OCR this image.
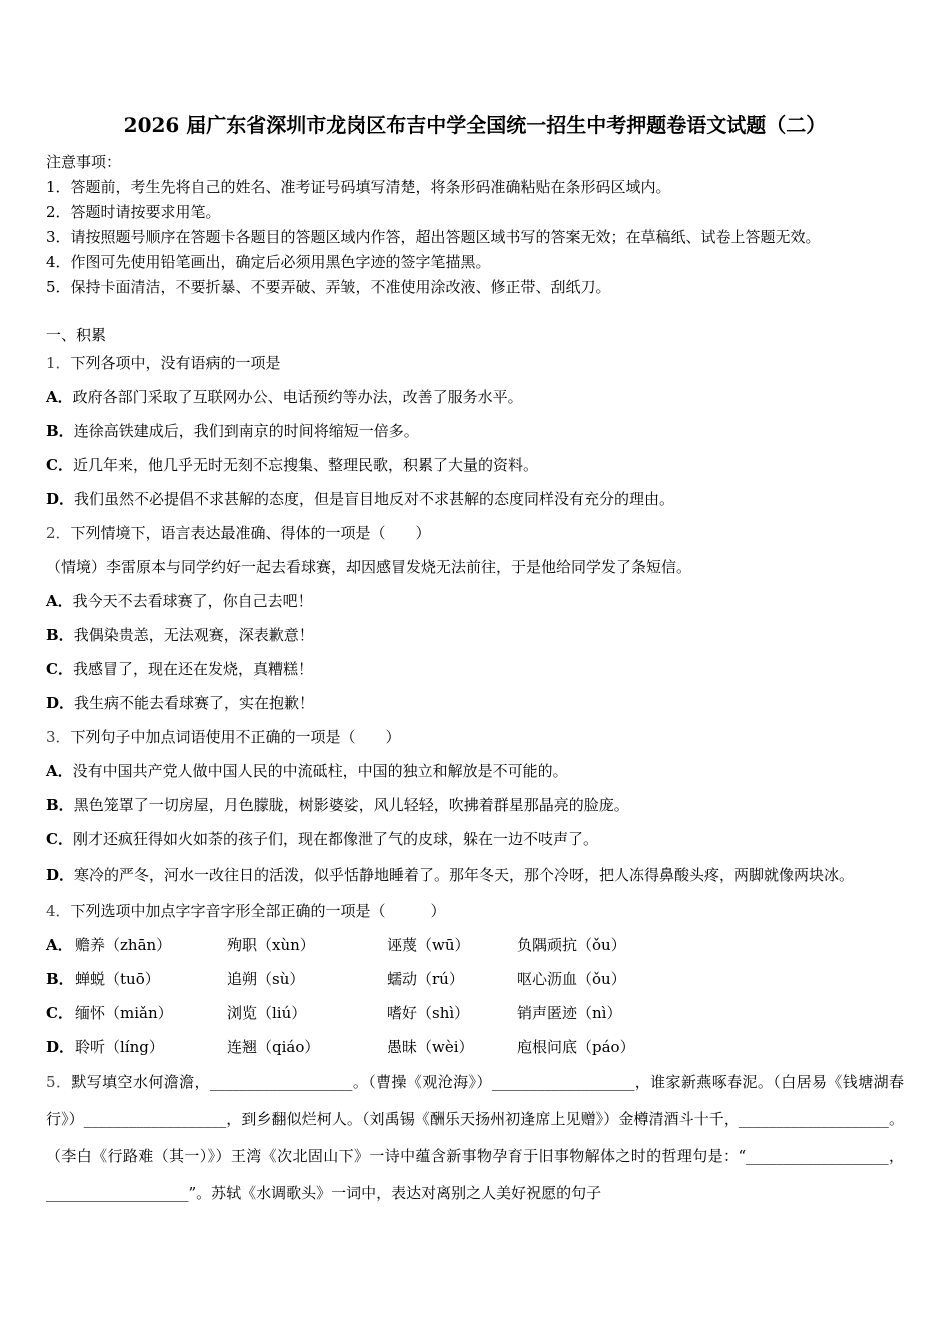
2026 届广东省深圳市龙岗区布吉中学全国统一招生中考押题卷语文试题（二）
注意事项：
1．答题前，考生先将自己的姓名、准考证号码填写清楚，将条形码准确粘贴在条形码区域内。
2．答题时请按要求用笔。
3．请按照题号顺序在答题卡各题目的答题区域内作答，超出答题区域书写的答案无效；在草稿纸、试卷上答题无效。
4．作图可先使用铅笔画出，确定后必须用黑色字迹的签字笔描黑。
5．保持卡面清洁，不要折暴、不要弄破、弄皱，不准使用涂改液、修正带、刮纸刀。
一、积累
1．下列各项中，没有语病的一项是
A．政府各部门采取了互联网办公、电话预约等办法，改善了服务水平。
B．连徐高铁建成后，我们到南京的时间将缩短一倍多。
C．近几年来，他几乎无时无刻不忘搜集、整理民歌，积累了大量的资料。
D．我们虽然不必提倡不求甚解的态度，但是盲目地反对不求甚解的态度同样没有充分的理由。
2．下列情境下，语言表达最准确、得体的一项是（　　）
（情境）李雷原本与同学约好一起去看球赛，却因感冒发烧无法前往，于是他给同学发了条短信。
A．我今天不去看球赛了，你自己去吧！
B．我偶染贵恙，无法观赛，深表歉意！
C．我感冒了，现在还在发烧，真糟糕！
D．我生病不能去看球赛了，实在抱歉！
3．下列句子中加点词语使用不正确的一项是（　　）
A．没有中国共产党人做中国人民的中流砥柱，中国的独立和解放是不可能的。
B．黑色笼罩了一切房屋，月色朦胧，树影婆娑，风儿轻轻，吹拂着群星那晶亮的脸庞。
C．刚才还疯狂得如火如荼的孩子们，现在都像泄了气的皮球，躲在一边不吱声了。
D．寒冷的严冬，河水一改往日的活泼，似乎恬静地睡着了。那年冬天，那个冷呀，把人冻得鼻酸头疼，两脚就像两块冰。
4．下列选项中加点字字音字形全部正确的一项是（　　　）
A． 赡养（zhān）	殉职（xùn）	诬蔑（wū）	负隅顽抗（ǒu）
B． 蝉蜕（tuō）	追朔（sù）	蠕动（rú）	呕心沥血（ǒu）
C． 缅怀（miǎn）	浏览（liú）	嗜好（shì）	销声匿迹（nì）
D． 聆听（líng）	连翘（qiáo）	愚昧（wèi）	庖根问底（páo）
5．默写填空水何澹澹，___________________。（曹操《观沧海》）___________________，谁家新燕啄春泥。（白居易《钱塘湖春行》）___________________，到乡翻似烂柯人。（刘禹锡《酬乐天扬州初逢席上见赠》）金樽清酒斗十千，____________________。（李白《行路难（其一）》）王湾《次北固山下》一诗中蕴含新事物孕育于旧事物解体之时的哲理句是：“___________________，___________________”。苏轼《水调歌头》一词中，表达对离别之人美好祝愿的句子
